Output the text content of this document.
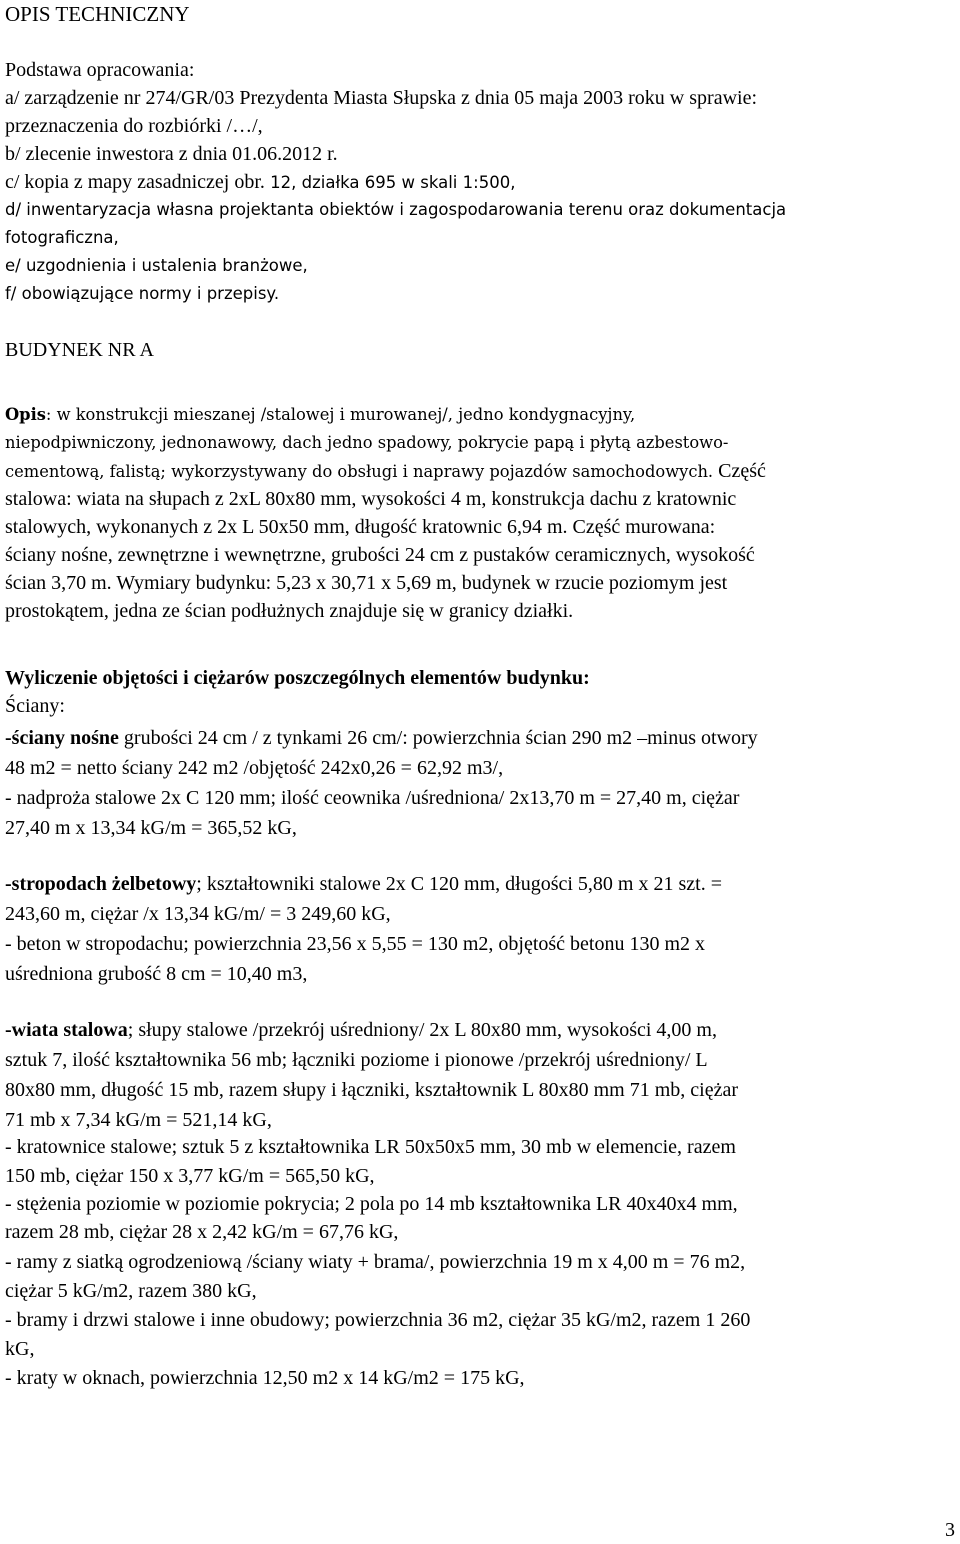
OPIS TECHNICZNY
Podstawa opracowania:
a/ zarządzenie nr 274/GR/03 Prezydenta Miasta Słupska z dnia 05 maja 2003 roku w sprawie:
przeznaczenia do rozbiórki /…/,
b/ zlecenie inwestora z dnia 01.06.2012 r.
c/ kopia z mapy zasadniczej obr. 12, działka 695 w skali 1:500,
d/ inwentaryzacja własna projektanta obiektów i zagospodarowania terenu oraz dokumentacja
fotograficzna,
e/ uzgodnienia i ustalenia branżowe,
f/ obowiązujące normy i przepisy.
BUDYNEK NR A
Opis: w konstrukcji mieszanej /stalowej i murowanej/, jedno kondygnacyjny,
niepodpiwniczony, jednonawowy, dach jedno spadowy, pokrycie papą i płytą azbestowo-
cementową, falistą; wykorzystywany do obsługi i naprawy pojazdów samochodowych. Część
stalowa: wiata na słupach z 2xL 80x80 mm, wysokości 4 m, konstrukcja dachu z kratownic
stalowych, wykonanych z 2x L 50x50 mm, długość kratownic 6,94 m. Część murowana:
ściany nośne, zewnętrzne i wewnętrzne, grubości 24 cm z pustaków ceramicznych, wysokość
ścian 3,70 m. Wymiary budynku: 5,23 x 30,71 x 5,69 m, budynek w rzucie poziomym jest
prostokątem, jedna ze ścian podłużnych znajduje się w granicy działki.
Wyliczenie objętości i ciężarów poszczególnych elementów budynku:
Ściany:
-ściany nośne grubości 24 cm / z tynkami 26 cm/: powierzchnia ścian 290 m2 –minus otwory
48 m2 = netto ściany 242 m2 /objętość 242x0,26 = 62,92 m3/,
- nadproża stalowe 2x C 120 mm; ilość ceownika /uśredniona/ 2x13,70 m = 27,40 m, ciężar
27,40 m x 13,34 kG/m = 365,52 kG,
-stropodach żelbetowy; kształtowniki stalowe 2x C 120 mm, długości 5,80 m x 21 szt. =
243,60 m, ciężar /x 13,34 kG/m/ = 3 249,60 kG,
- beton w stropodachu; powierzchnia 23,56 x 5,55 = 130 m2, objętość betonu 130 m2 x
uśredniona grubość 8 cm = 10,40 m3,
-wiata stalowa; słupy stalowe /przekrój uśredniony/ 2x L 80x80 mm, wysokości 4,00 m,
sztuk 7, ilość kształtownika 56 mb; łączniki poziome i pionowe /przekrój uśredniony/ L
80x80 mm, długość 15 mb, razem słupy i łączniki, kształtownik L 80x80 mm 71 mb, ciężar
71 mb x 7,34 kG/m = 521,14 kG,
- kratownice stalowe; sztuk 5 z kształtownika LR 50x50x5 mm, 30 mb w elemencie, razem
150 mb, ciężar 150 x 3,77 kG/m = 565,50 kG,
- stężenia poziomie w poziomie pokrycia; 2 pola po 14 mb kształtownika LR 40x40x4 mm,
razem 28 mb, ciężar 28 x 2,42 kG/m = 67,76 kG,
- ramy z siatką ogrodzeniową /ściany wiaty + brama/, powierzchnia 19 m x 4,00 m = 76 m2,
ciężar 5 kG/m2, razem 380 kG,
- bramy i drzwi stalowe i inne obudowy; powierzchnia 36 m2, ciężar 35 kG/m2, razem 1 260
kG,
- kraty w oknach, powierzchnia 12,50 m2 x 14 kG/m2 = 175 kG,
3
